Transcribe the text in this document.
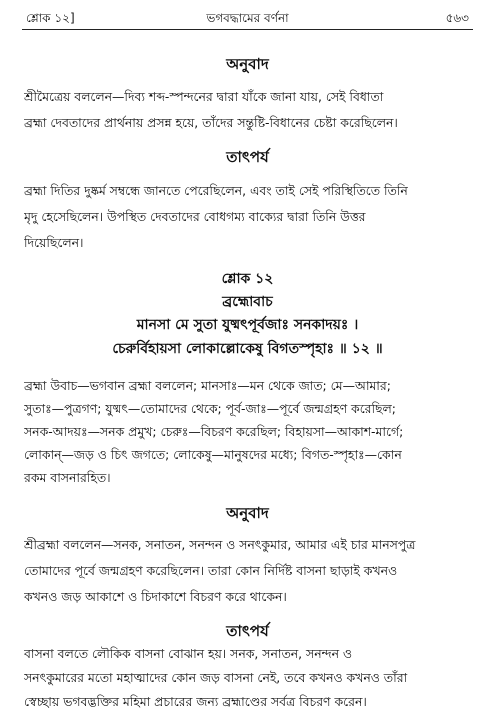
শ্লোক ১২]	ভগবদ্ধামের বর্ণনা	৫৬৩
অনুবাদ
শ্রীমৈত্রেয় বললেন—দিব্য শব্দ-স্পন্দনের দ্বারা যাঁকে জানা যায়, সেই বিধাতা
ব্রহ্মা দেবতাদের প্রার্থনায় প্রসন্ন হয়ে, তাঁদের সন্তুষ্টি-বিধানের চেষ্টা করেছিলেন।
তাৎপর্য
ব্রহ্মা দিতির দুষ্কর্ম সম্বন্ধে জানতে পেরেছিলেন, এবং তাই সেই পরিস্থিতিতে তিনি
মৃদু হেসেছিলেন। উপস্থিত দেবতাদের বোধগম্য বাক্যের দ্বারা তিনি উত্তর
দিয়েছিলেন।
শ্লোক ১২
ব্রহ্মোবাচ
মানসা মে সুতা যুষ্মৎপূর্বজাঃ সনকাদয়ঃ ।
চেরুর্বিহায়সা লোকাল্লোকেষু বিগতস্পৃহাঃ ॥ ১২ ॥
ব্রহ্মা উবাচ—ভগবান ব্রহ্মা বললেন; মানসাঃ—মন থেকে জাত; মে—আমার;
সুতাঃ—পুত্রগণ; যুষ্মৎ—তোমাদের থেকে; পূর্ব-জাঃ—পূর্বে জন্মগ্রহণ করেছিল;
সনক-আদয়ঃ—সনক প্রমুখ; চেরুঃ—বিচরণ করেছিল; বিহায়সা—আকাশ-মার্গে;
লোকান্—জড় ও চিৎ জগতে; লোকেষু—মানুষদের মধ্যে; বিগত-স্পৃহাঃ—কোন
রকম বাসনারহিত।
অনুবাদ
শ্রীব্রহ্মা বললেন—সনক, সনাতন, সনন্দন ও সনৎকুমার, আমার এই চার মানসপুত্র
তোমাদের পূর্বে জন্মগ্রহণ করেছিলেন। তারা কোন নির্দিষ্ট বাসনা ছাড়াই কখনও
কখনও জড় আকাশে ও চিদাকাশে বিচরণ করে থাকেন।
তাৎপর্য
বাসনা বলতে লৌকিক বাসনা বোঝান হয়। সনক, সনাতন, সনন্দন ও
সনৎকুমারের মতো মহাত্মাদের কোন জড় বাসনা নেই, তবে কখনও কখনও তাঁরা
স্বেচ্ছায় ভগবদ্ভক্তির মহিমা প্রচারের জন্য ব্রহ্মাণ্ডের সর্বত্র বিচরণ করেন।
